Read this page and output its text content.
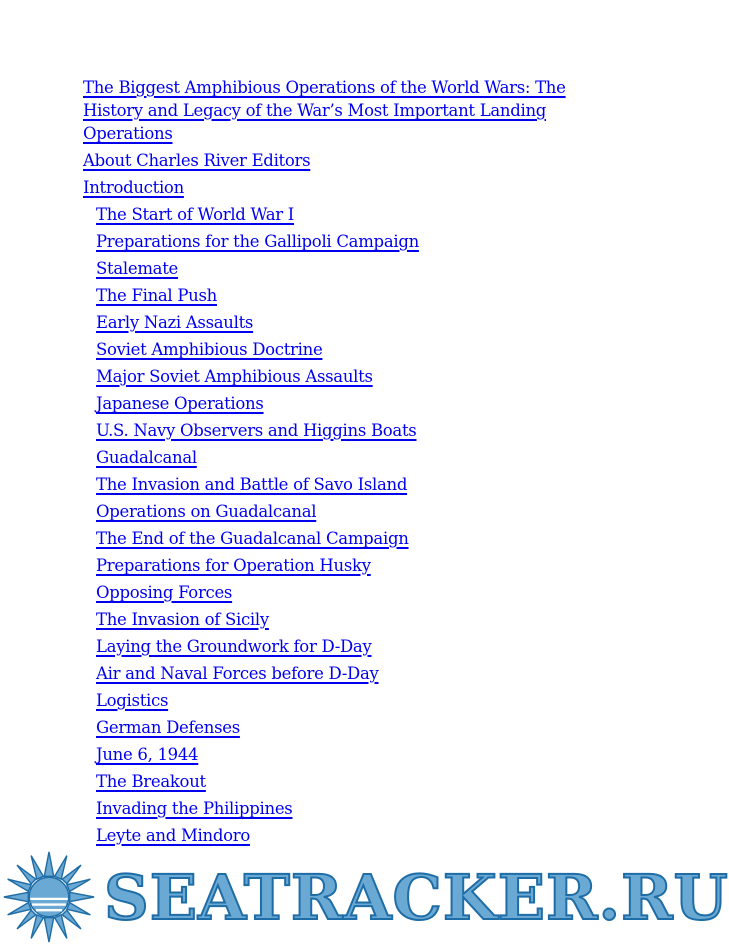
The Biggest Amphibious Operations of the World Wars: The History and Legacy of the War’s Most Important Landing Operations
About Charles River Editors
Introduction
The Start of World War I
Preparations for the Gallipoli Campaign
Stalemate
The Final Push
Early Nazi Assaults
Soviet Amphibious Doctrine
Major Soviet Amphibious Assaults
Japanese Operations
U.S. Navy Observers and Higgins Boats
Guadalcanal
The Invasion and Battle of Savo Island
Operations on Guadalcanal
The End of the Guadalcanal Campaign
Preparations for Operation Husky
Opposing Forces
The Invasion of Sicily
Laying the Groundwork for D-Day
Air and Naval Forces before D-Day
Logistics
German Defenses
June 6, 1944
The Breakout
Invading the Philippines
Leyte and Mindoro
SEATRACKER.RU
